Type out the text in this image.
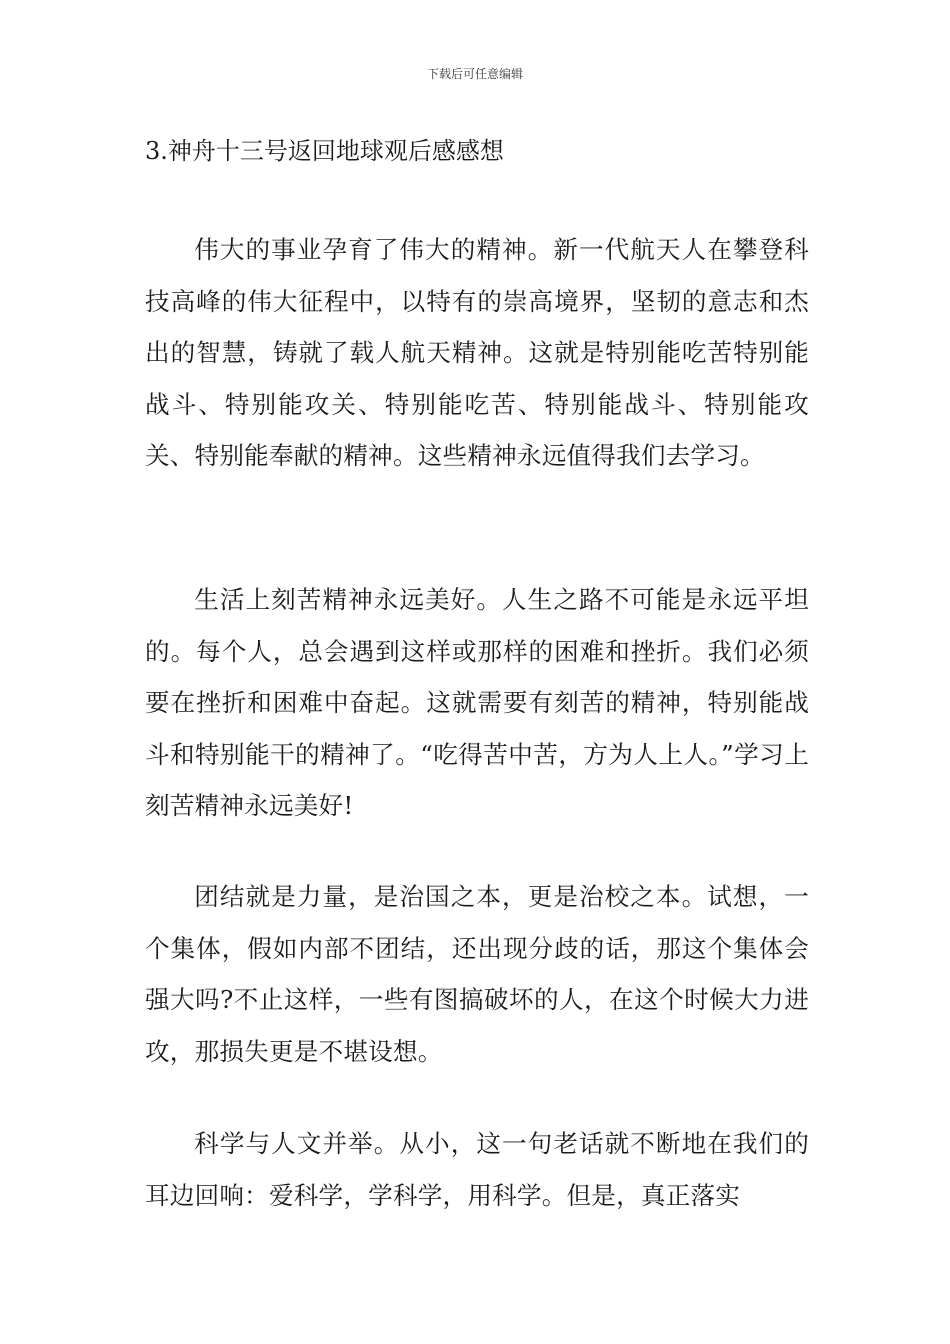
下载后可任意编辑
3.神舟十三号返回地球观后感感想

伟大的事业孕育了伟大的精神。新一代航天人在攀登科技高峰的伟大征程中，以特有的崇高境界，坚韧的意志和杰出的智慧，铸就了载人航天精神。这就是特别能吃苦特别能战斗、特别能攻关、特别能吃苦、特别能战斗、特别能攻关、特别能奉献的精神。这些精神永远值得我们去学习。

生活上刻苦精神永远美好。人生之路不可能是永远平坦的。每个人，总会遇到这样或那样的困难和挫折。我们必须要在挫折和困难中奋起。这就需要有刻苦的精神，特别能战斗和特别能干的精神了。“吃得苦中苦，方为人上人。”学习上刻苦精神永远美好!

团结就是力量，是治国之本，更是治校之本。试想，一个集体，假如内部不团结，还出现分歧的话，那这个集体会强大吗?不止这样，一些有图搞破坏的人，在这个时候大力进攻，那损失更是不堪设想。

科学与人文并举。从小，这一句老话就不断地在我们的耳边回响：爱科学，学科学，用科学。但是，真正落实
